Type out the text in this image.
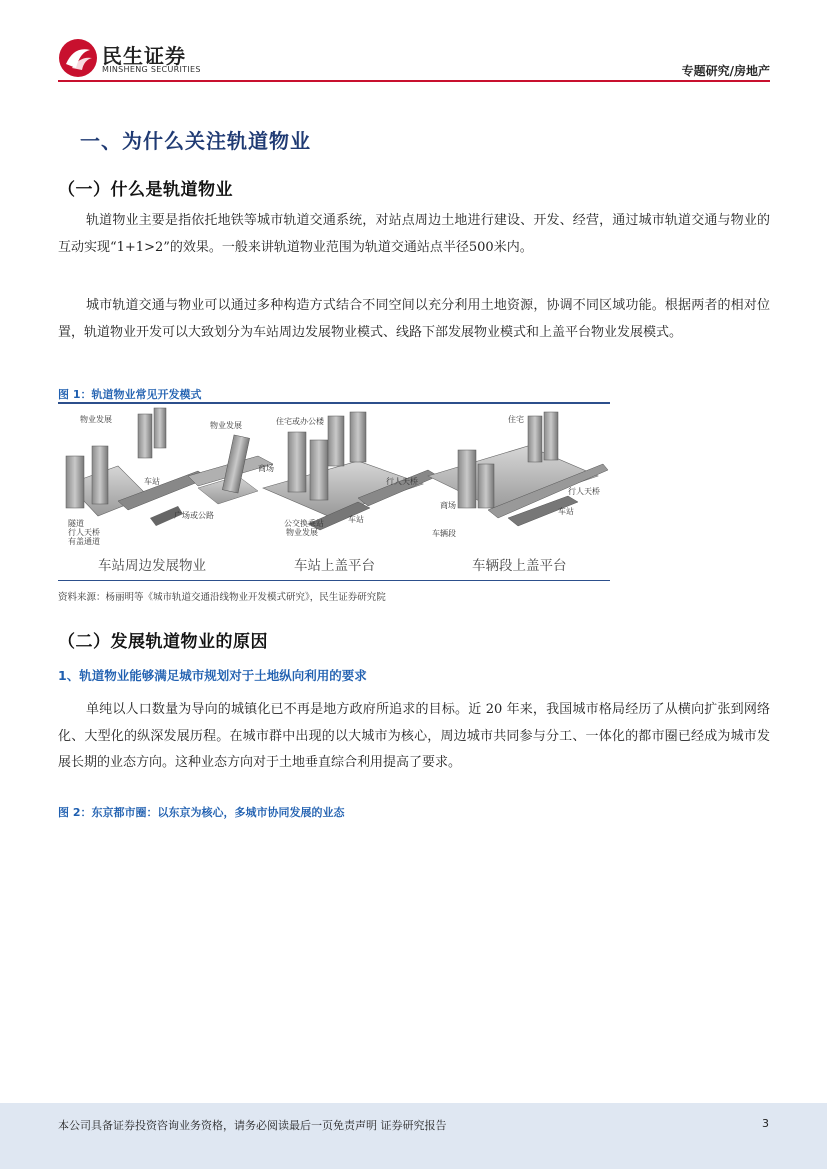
民生证券
MINSHENG SECURITIES	专题研究/房地产
一、为什么关注轨道物业
（一）什么是轨道物业
轨道物业主要是指依托地铁等城市轨道交通系统，对站点周边土地进行建设、开发、经营，通过城市轨道交通与物业的互动实现“1+1>2”的效果。一般来讲轨道物业范围为轨道交通站点半径500米内。
城市轨道交通与物业可以通过多种构造方式结合不同空间以充分利用土地资源，协调不同区域功能。根据两者的相对位置，轨道物业开发可以大致划分为车站周边发展物业模式、线路下部发展物业模式和上盖平台物业发展模式。
图 1：轨道物业常见开发模式
物业发展
物业发展
车站
广场或公路
隧道
行人天桥
有盖通道
住宅或办公楼
商场
行人天桥
车站
公交换乘站
物业发展
住宅
行人天桥
商场
车站
车辆段
车站周边发展物业	车站上盖平台	车辆段上盖平台
资料来源：杨丽明等《城市轨道交通沿线物业开发模式研究》，民生证券研究院
（二）发展轨道物业的原因
1、轨道物业能够满足城市规划对于土地纵向利用的要求
单纯以人口数量为导向的城镇化已不再是地方政府所追求的目标。近 20 年来，我国城市格局经历了从横向扩张到网络化、大型化的纵深发展历程。在城市群中出现的以大城市为核心，周边城市共同参与分工、一体化的都市圈已经成为城市发展长期的业态方向。这种业态方向对于土地垂直综合利用提高了要求。
图 2：东京都市圈：以东京为核心，多城市协同发展的业态
本公司具备证券投资咨询业务资格，请务必阅读最后一页免责声明 证券研究报告	3
